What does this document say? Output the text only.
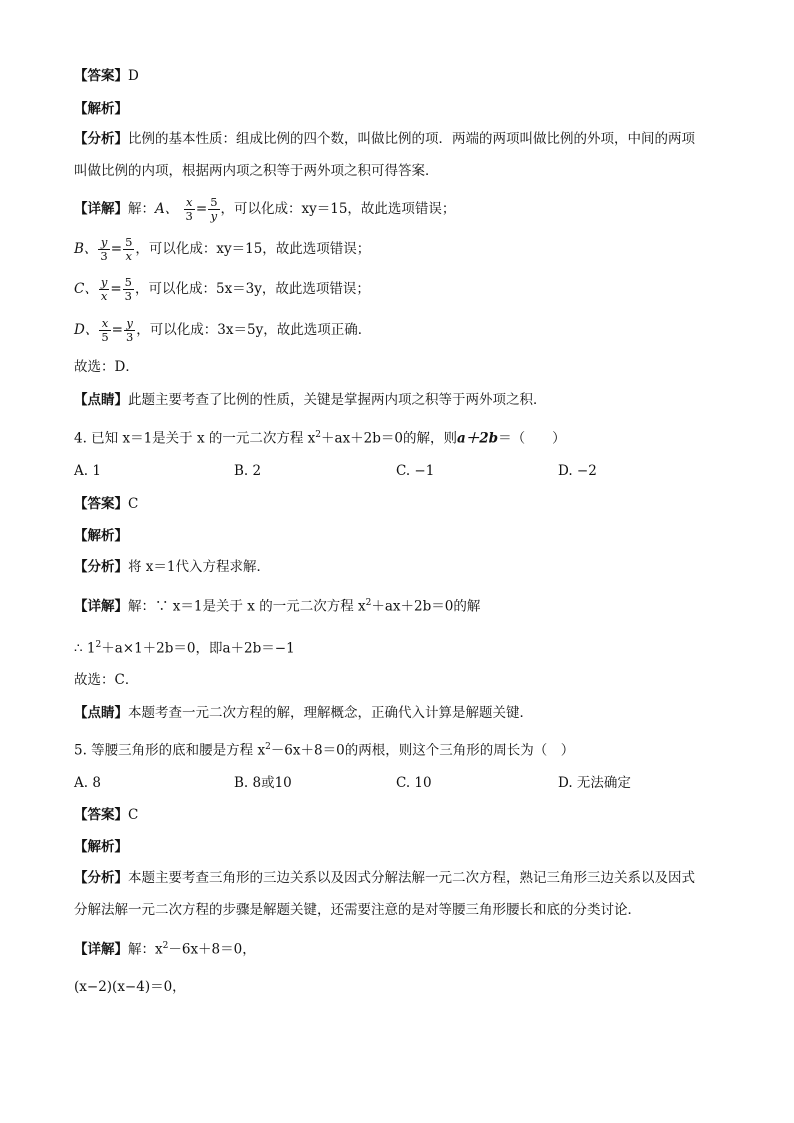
【答案】D
【解析】
【分析】比例的基本性质：组成比例的四个数，叫做比例的项．两端的两项叫做比例的外项，中间的两项
叫做比例的内项，根据两内项之积等于两外项之积可得答案．
【详解】解：A、 $\frac{x}{3} = \frac{5}{y}$ ，可以化成：xy＝15，故此选项错误；
B、 $\frac{y}{3} = \frac{5}{x}$ ，可以化成：xy＝15，故此选项错误；
C、 $\frac{y}{x} = \frac{5}{3}$ ，可以化成：5x＝3y，故此选项错误；
D、 $\frac{x}{5} = \frac{y}{3}$ ，可以化成：3x＝5y，故此选项正确．
故选：D．
【点睛】此题主要考查了比例的性质，关键是掌握两内项之积等于两外项之积．
4. 已知 x＝1是关于 x 的一元二次方程 $x^2+ax+2b=0$的解，则a＋2b＝（　　）
A. 1	B. 2	C. −1	D. −2
【答案】C
【解析】
【分析】将 x＝1代入方程求解．
【详解】解：∵ x＝1是关于 x 的一元二次方程 $x^2+ax+2b=0$的解
∴ $1^2+a\times 1+2b=0$，即a＋2b＝−1
故选：C．
【点睛】本题考查一元二次方程的解，理解概念，正确代入计算是解题关键．
5. 等腰三角形的底和腰是方程 $x^2-6x+8=0$的两根，则这个三角形的周长为（　）
A. 8	B. 8或10	C. 10	D. 无法确定
【答案】C
【解析】
【分析】本题主要考查三角形的三边关系以及因式分解法解一元二次方程，熟记三角形三边关系以及因式
分解法解一元二次方程的步骤是解题关键，还需要注意的是对等腰三角形腰长和底的分类讨论．
【详解】解：$x^2-6x+8=0$，
(x−2)(x−4)＝0，
